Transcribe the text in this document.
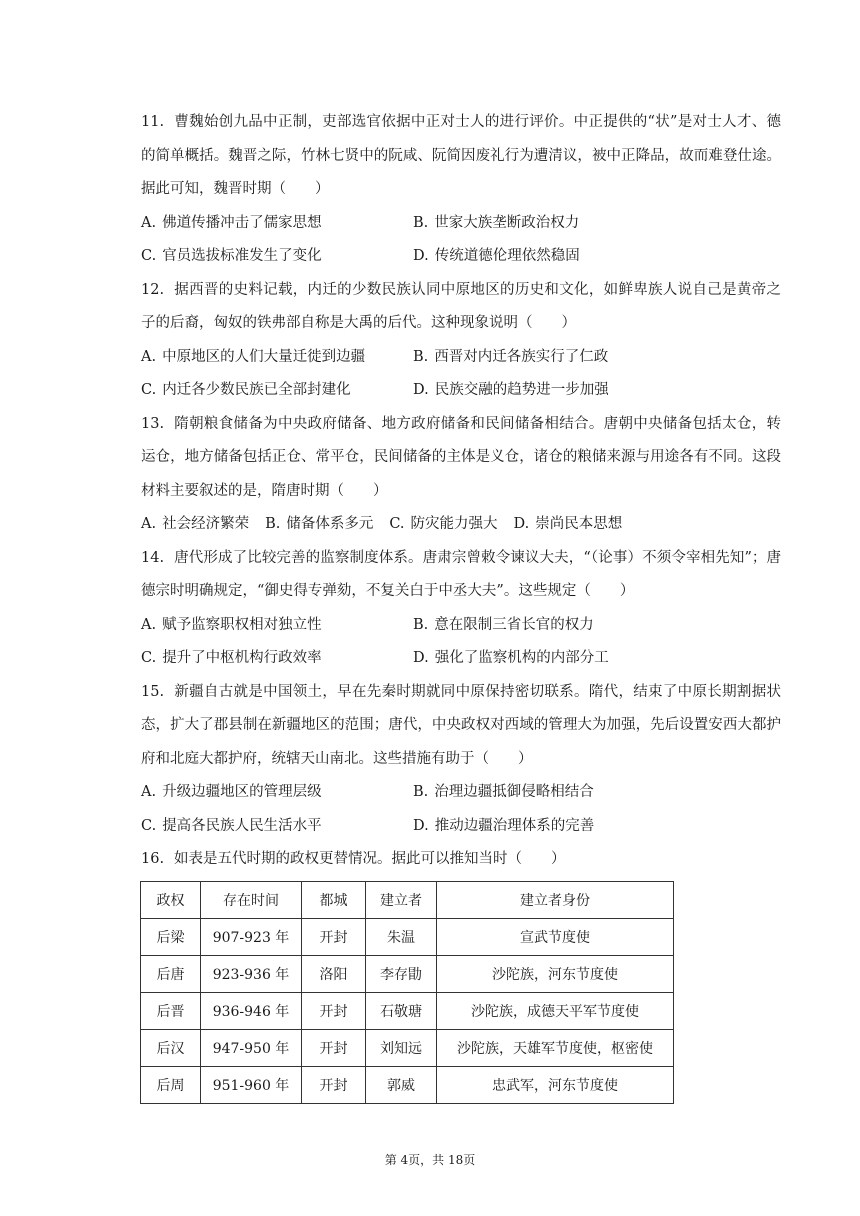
11. 曹魏始创九品中正制，吏部选官依据中正对士人的进行评价。中正提供的“状”是对士人才、德的简单概括。魏晋之际，竹林七贤中的阮咸、阮简因废礼行为遭清议，被中正降品，故而难登仕途。据此可知，魏晋时期（　　）

A. 佛道传播冲击了儒家思想	B. 世家大族垄断政治权力
C. 官员选拔标准发生了变化	D. 传统道德伦理依然稳固

12. 据西晋的史料记载，内迁的少数民族认同中原地区的历史和文化，如鲜卑族人说自己是黄帝之子的后裔，匈奴的铁弗部自称是大禹的后代。这种现象说明（　　）

A. 中原地区的人们大量迁徙到边疆	B. 西晋对内迁各族实行了仁政
C. 内迁各少数民族已全部封建化	D. 民族交融的趋势进一步加强

13. 隋朝粮食储备为中央政府储备、地方政府储备和民间储备相结合。唐朝中央储备包括太仓，转运仓，地方储备包括正仓、常平仓，民间储备的主体是义仓，诸仓的粮储来源与用途各有不同。这段材料主要叙述的是，隋唐时期（　　）

A. 社会经济繁荣 B. 储备体系多元 C. 防灾能力强大 D. 崇尚民本思想

14. 唐代形成了比较完善的监察制度体系。唐肃宗曾敕令谏议大夫，“（论事）不须令宰相先知”；唐德宗时明确规定，“御史得专弹劾，不复关白于中丞大夫”。这些规定（　　）

A. 赋予监察职权相对独立性	B. 意在限制三省长官的权力
C. 提升了中枢机构行政效率	D. 强化了监察机构的内部分工

15. 新疆自古就是中国领土，早在先秦时期就同中原保持密切联系。隋代，结束了中原长期割据状态，扩大了郡县制在新疆地区的范围；唐代，中央政权对西域的管理大为加强，先后设置安西大都护府和北庭大都护府，统辖天山南北。这些措施有助于（　　）

A. 升级边疆地区的管理层级	B. 治理边疆抵御侵略相结合
C. 提高各民族人民生活水平	D. 推动边疆治理体系的完善

16. 如表是五代时期的政权更替情况。据此可以推知当时（　　）

政权	存在时间	都城	建立者	建立者身份
后梁	907-923 年	开封	朱温	宣武节度使
后唐	923-936 年	洛阳	李存勖	沙陀族，河东节度使
后晋	936-946 年	开封	石敬瑭	沙陀族，成德天平军节度使
后汉	947-950 年	开封	刘知远	沙陀族，天雄军节度使，枢密使
后周	951-960 年	开封	郭威	忠武军，河东节度使
第 4页，共 18页
